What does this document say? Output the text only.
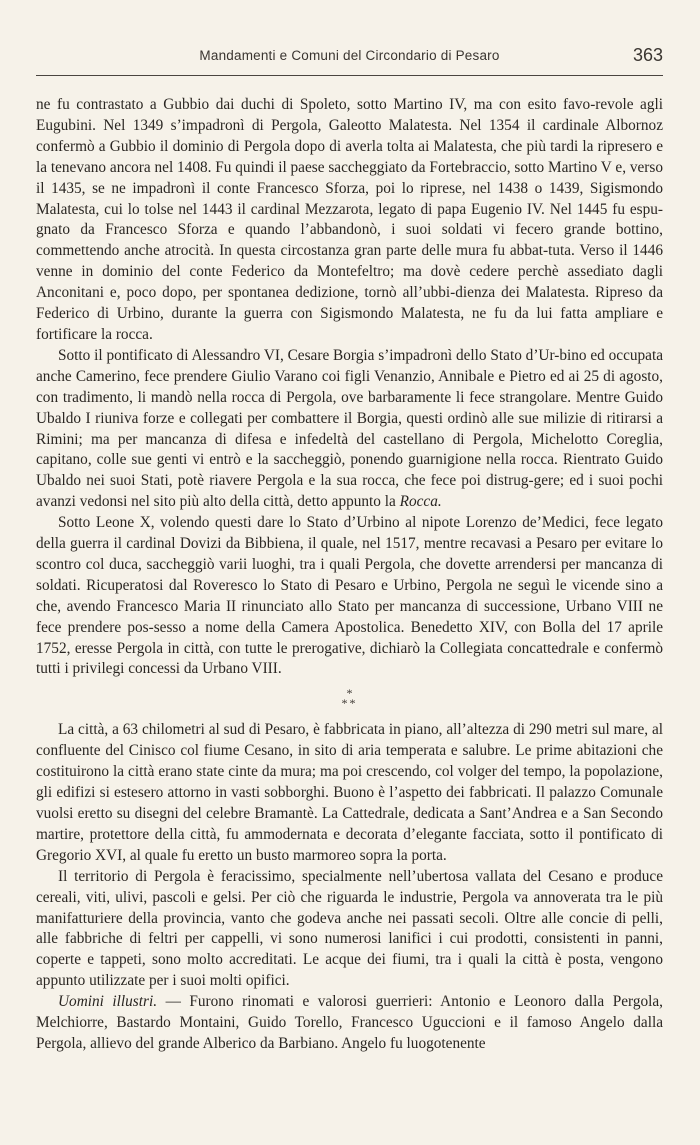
Mandamenti e Comuni del Circondario di Pesaro	363

ne fu contrastato a Gubbio dai duchi di Spoleto, sotto Martino IV, ma con esito favo-revole agli Eugubini. Nel 1349 s’impadronì di Pergola, Galeotto Malatesta. Nel 1354 il cardinale Albornoz confermò a Gubbio il dominio di Pergola dopo di averla tolta ai Malatesta, che più tardi la ripresero e la tenevano ancora nel 1408. Fu quindi il paese saccheggiato da Fortebraccio, sotto Martino V e, verso il 1435, se ne impadronì il conte Francesco Sforza, poi lo riprese, nel 1438 o 1439, Sigismondo Malatesta, cui lo tolse nel 1443 il cardinal Mezzarota, legato di papa Eugenio IV. Nel 1445 fu espu-gnato da Francesco Sforza e quando l’abbandonò, i suoi soldati vi fecero grande bottino, commettendo anche atrocità. In questa circostanza gran parte delle mura fu abbat-tuta. Verso il 1446 venne in dominio del conte Federico da Montefeltro; ma dovè cedere perchè assediato dagli Anconitani e, poco dopo, per spontanea dedizione, tornò all’ubbi-dienza dei Malatesta. Ripreso da Federico di Urbino, durante la guerra con Sigismondo Malatesta, ne fu da lui fatta ampliare e fortificare la rocca.

Sotto il pontificato di Alessandro VI, Cesare Borgia s’impadronì dello Stato d’Ur-bino ed occupata anche Camerino, fece prendere Giulio Varano coi figli Venanzio, Annibale e Pietro ed ai 25 di agosto, con tradimento, li mandò nella rocca di Pergola, ove barbaramente li fece strangolare. Mentre Guido Ubaldo I riuniva forze e collegati per combattere il Borgia, questi ordinò alle sue milizie di ritirarsi a Rimini; ma per mancanza di difesa e infedeltà del castellano di Pergola, Michelotto Coreglia, capitano, colle sue genti vi entrò e la saccheggiò, ponendo guarnigione nella rocca. Rientrato Guido Ubaldo nei suoi Stati, potè riavere Pergola e la sua rocca, che fece poi distrug-gere; ed i suoi pochi avanzi vedonsi nel sito più alto della città, detto appunto la Rocca.

Sotto Leone X, volendo questi dare lo Stato d’Urbino al nipote Lorenzo de’Medici, fece legato della guerra il cardinal Dovizi da Bibbiena, il quale, nel 1517, mentre recavasi a Pesaro per evitare lo scontro col duca, saccheggiò varii luoghi, tra i quali Pergola, che dovette arrendersi per mancanza di soldati. Ricuperatosi dal Roveresco lo Stato di Pesaro e Urbino, Pergola ne seguì le vicende sino a che, avendo Francesco Maria II rinunciato allo Stato per mancanza di successione, Urbano VIII ne fece prendere pos-sesso a nome della Camera Apostolica. Benedetto XIV, con Bolla del 17 aprile 1752, eresse Pergola in città, con tutte le prerogative, dichiarò la Collegiata concattedrale e confermò tutti i privilegi concessi da Urbano VIII.

*
**

La città, a 63 chilometri al sud di Pesaro, è fabbricata in piano, all’altezza di 290 metri sul mare, al confluente del Cinisco col fiume Cesano, in sito di aria temperata e salubre. Le prime abitazioni che costituirono la città erano state cinte da mura; ma poi crescendo, col volger del tempo, la popolazione, gli edifizi si estesero attorno in vasti sobborghi. Buono è l’aspetto dei fabbricati. Il palazzo Comunale vuolsi eretto su disegni del celebre Bramantè. La Cattedrale, dedicata a Sant’Andrea e a San Secondo martire, protettore della città, fu ammodernata e decorata d’elegante facciata, sotto il pontificato di Gregorio XVI, al quale fu eretto un busto marmoreo sopra la porta.

Il territorio di Pergola è feracissimo, specialmente nell’ubertosa vallata del Cesano e produce cereali, viti, ulivi, pascoli e gelsi. Per ciò che riguarda le industrie, Pergola va annoverata tra le più manifatturiere della provincia, vanto che godeva anche nei passati secoli. Oltre alle concie di pelli, alle fabbriche di feltri per cappelli, vi sono numerosi lanifici i cui prodotti, consistenti in panni, coperte e tappeti, sono molto accreditati. Le acque dei fiumi, tra i quali la città è posta, vengono appunto utilizzate per i suoi molti opifici.

Uomini illustri. — Furono rinomati e valorosi guerrieri: Antonio e Leonoro dalla Pergola, Melchiorre, Bastardo Montaini, Guido Torello, Francesco Uguccioni e il famoso Angelo dalla Pergola, allievo del grande Alberico da Barbiano. Angelo fu luogotenente
